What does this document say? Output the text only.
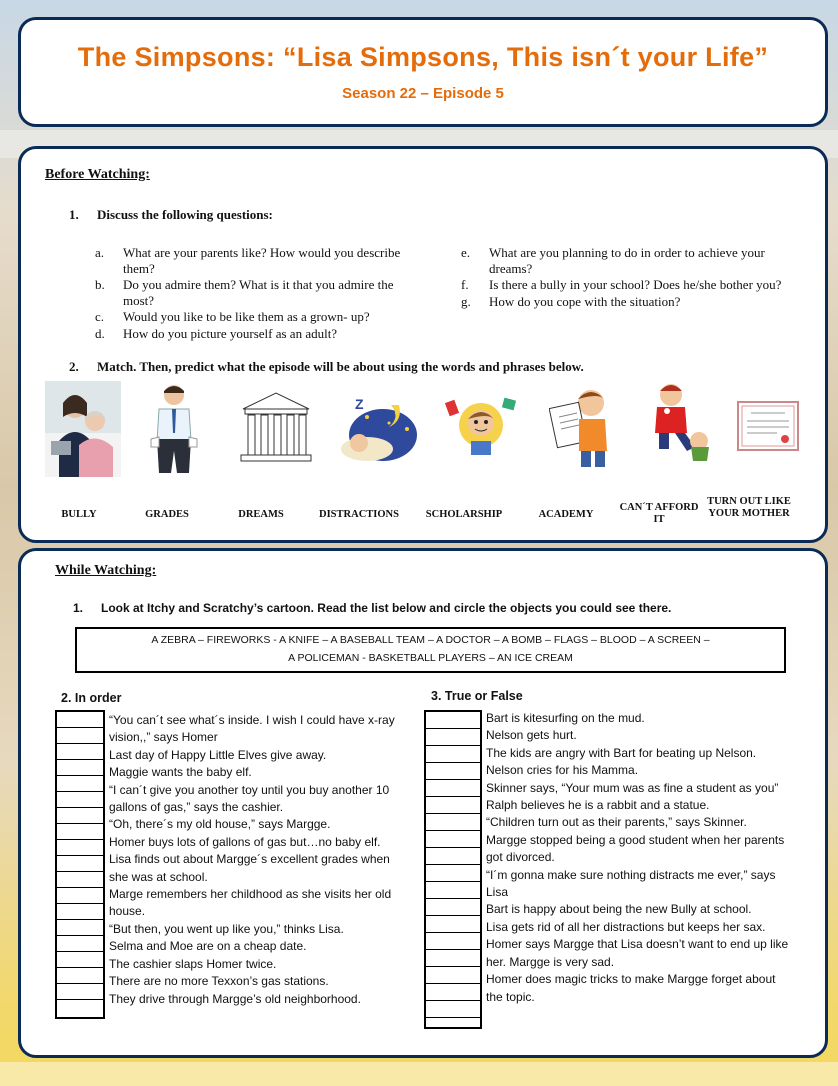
The Simpsons: “Lisa Simpsons, This isn´t your Life”
Season 22 – Episode 5
Before Watching:
1. Discuss the following questions:
a.	What are your parents like? How would you describe them?
b.	Do you admire them? What is it that you admire the most?
c.	Would you like to be like them as a grown- up?
d.	How do you picture yourself as an adult?
e.	What are you planning to do in order to achieve your dreams?
f.	Is there a bully in your school? Does he/she bother you?
g.	How do you cope with the situation?
2. Match. Then, predict what the episode will be about using the words and phrases below.
Z
BULLY	GRADES	DREAMS	DISTRACTIONS	SCHOLARSHIP	ACADEMY
CAN´T AFFORD IT
TURN OUT LIKE YOUR MOTHER
While Watching:
1. Look at Itchy and Scratchy’s cartoon. Read the list below and circle the objects you could see there.
A ZEBRA – FIREWORKS - A KNIFE – A BASEBALL TEAM – A DOCTOR – A BOMB – FLAGS – BLOOD – A SCREEN –
A POLICEMAN - BASKETBALL PLAYERS – AN ICE CREAM
2. In order	3. True or False

“You can´t see what´s inside. I wish I could have x-ray vision,,” says Homer

Last day of Happy Little Elves give away.

Maggie wants the baby elf.

“I can´t give you another toy until you buy another 10 gallons of gas,” says the cashier.

“Oh, there´s my old house,” says Margge.

Homer buys lots of gallons of gas but…no baby elf.

Lisa finds out about Margge´s excellent grades when she was at school.

Marge remembers her childhood as she visits her old house.

“But then, you went up like you,” thinks Lisa.

Selma and Moe are on a cheap date.

The cashier slaps Homer twice.

There are no more Texxon’s gas stations.

They drive through Margge’s old neighborhood.

Bart is kitesurfing on the mud.

Nelson gets hurt.

The kids are angry with Bart for beating up Nelson.

Nelson cries for his Mamma.

Skinner says, “Your mum was as fine a student as you”

Ralph believes he is a rabbit and a statue.

“Children turn out as their parents,” says Skinner.

Margge stopped being a good student when her parents got divorced.

“I´m gonna make sure nothing distracts me ever,” says Lisa

Bart is happy about being the new Bully at school.

Lisa gets rid of all her distractions but keeps her sax.

Homer says Margge that Lisa doesn’t want to end up like her. Margge is very sad.

Homer does magic tricks to make Margge forget about the topic.
